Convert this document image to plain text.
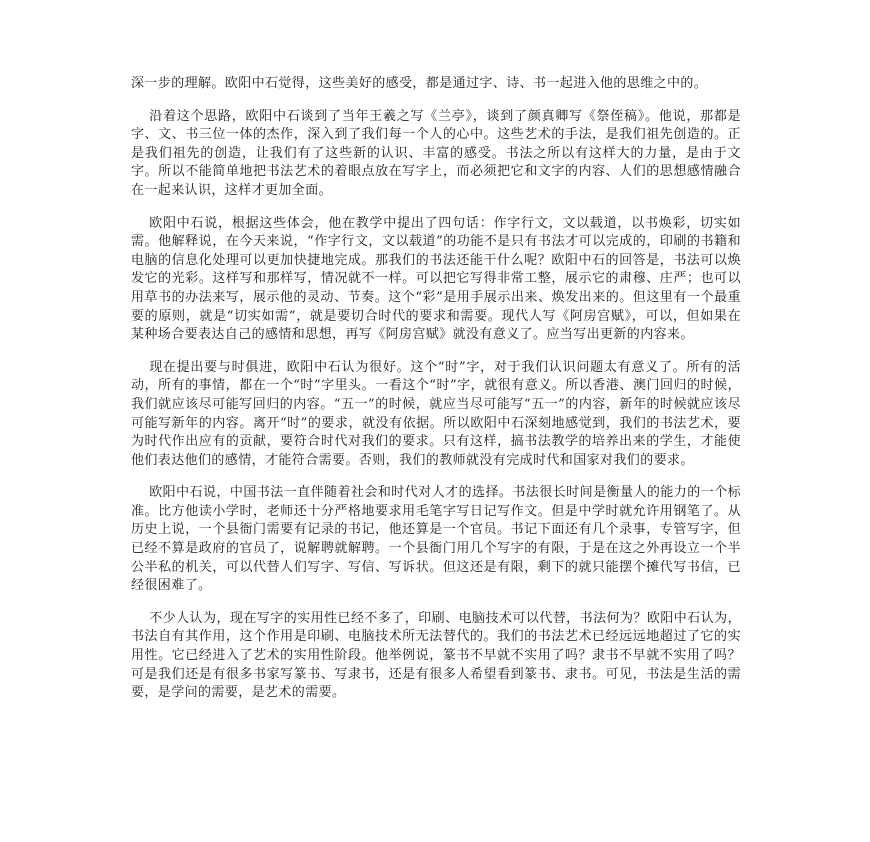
深一步的理解。欧阳中石觉得，这些美好的感受，都是通过字、诗、书一起进入他的思维之中的。

沿着这个思路，欧阳中石谈到了当年王羲之写《兰亭》，谈到了颜真卿写《祭侄稿》。他说，那都是字、文、书三位一体的杰作，深入到了我们每一个人的心中。这些艺术的手法，是我们祖先创造的。正是我们祖先的创造，让我们有了这些新的认识、丰富的感受。书法之所以有这样大的力量，是由于文字。所以不能简单地把书法艺术的着眼点放在写字上，而必须把它和文字的内容、人们的思想感情融合在一起来认识，这样才更加全面。

欧阳中石说，根据这些体会，他在教学中提出了四句话：作字行文，文以载道，以书焕彩，切实如需。他解释说，在今天来说，“作字行文，文以载道”的功能不是只有书法才可以完成的，印刷的书籍和电脑的信息化处理可以更加快捷地完成。那我们的书法还能干什么呢？欧阳中石的回答是，书法可以焕发它的光彩。这样写和那样写，情况就不一样。可以把它写得非常工整，展示它的肃穆、庄严；也可以用草书的办法来写，展示他的灵动、节奏。这个“彩”是用手展示出来、焕发出来的。但这里有一个最重要的原则，就是“切实如需”，就是要切合时代的要求和需要。现代人写《阿房宫赋》，可以，但如果在某种场合要表达自己的感情和思想，再写《阿房宫赋》就没有意义了。应当写出更新的内容来。

现在提出要与时俱进，欧阳中石认为很好。这个“时”字，对于我们认识问题太有意义了。所有的活动，所有的事情，都在一个“时”字里头。一看这个“时”字，就很有意义。所以香港、澳门回归的时候，我们就应该尽可能写回归的内容。“五一”的时候，就应当尽可能写“五一”的内容，新年的时候就应该尽可能写新年的内容。离开“时”的要求，就没有依据。所以欧阳中石深刻地感觉到，我们的书法艺术，要为时代作出应有的贡献，要符合时代对我们的要求。只有这样，搞书法教学的培养出来的学生，才能使他们表达他们的感情，才能符合需要。否则，我们的教师就没有完成时代和国家对我们的要求。

欧阳中石说，中国书法一直伴随着社会和时代对人才的选择。书法很长时间是衡量人的能力的一个标准。比方他读小学时，老师还十分严格地要求用毛笔字写日记写作文。但是中学时就允许用钢笔了。从历史上说，一个县衙门需要有记录的书记，他还算是一个官员。书记下面还有几个录事，专管写字，但已经不算是政府的官员了，说解聘就解聘。一个县衙门用几个写字的有限，于是在这之外再设立一个半公半私的机关，可以代替人们写字、写信、写诉状。但这还是有限，剩下的就只能摆个摊代写书信，已经很困难了。

不少人认为，现在写字的实用性已经不多了，印刷、电脑技术可以代替，书法何为？欧阳中石认为，书法自有其作用，这个作用是印刷、电脑技术所无法替代的。我们的书法艺术已经远远地超过了它的实用性。它已经进入了艺术的实用性阶段。他举例说，篆书不早就不实用了吗？隶书不早就不实用了吗？可是我们还是有很多书家写篆书、写隶书，还是有很多人希望看到篆书、隶书。可见，书法是生活的需要，是学问的需要，是艺术的需要。
